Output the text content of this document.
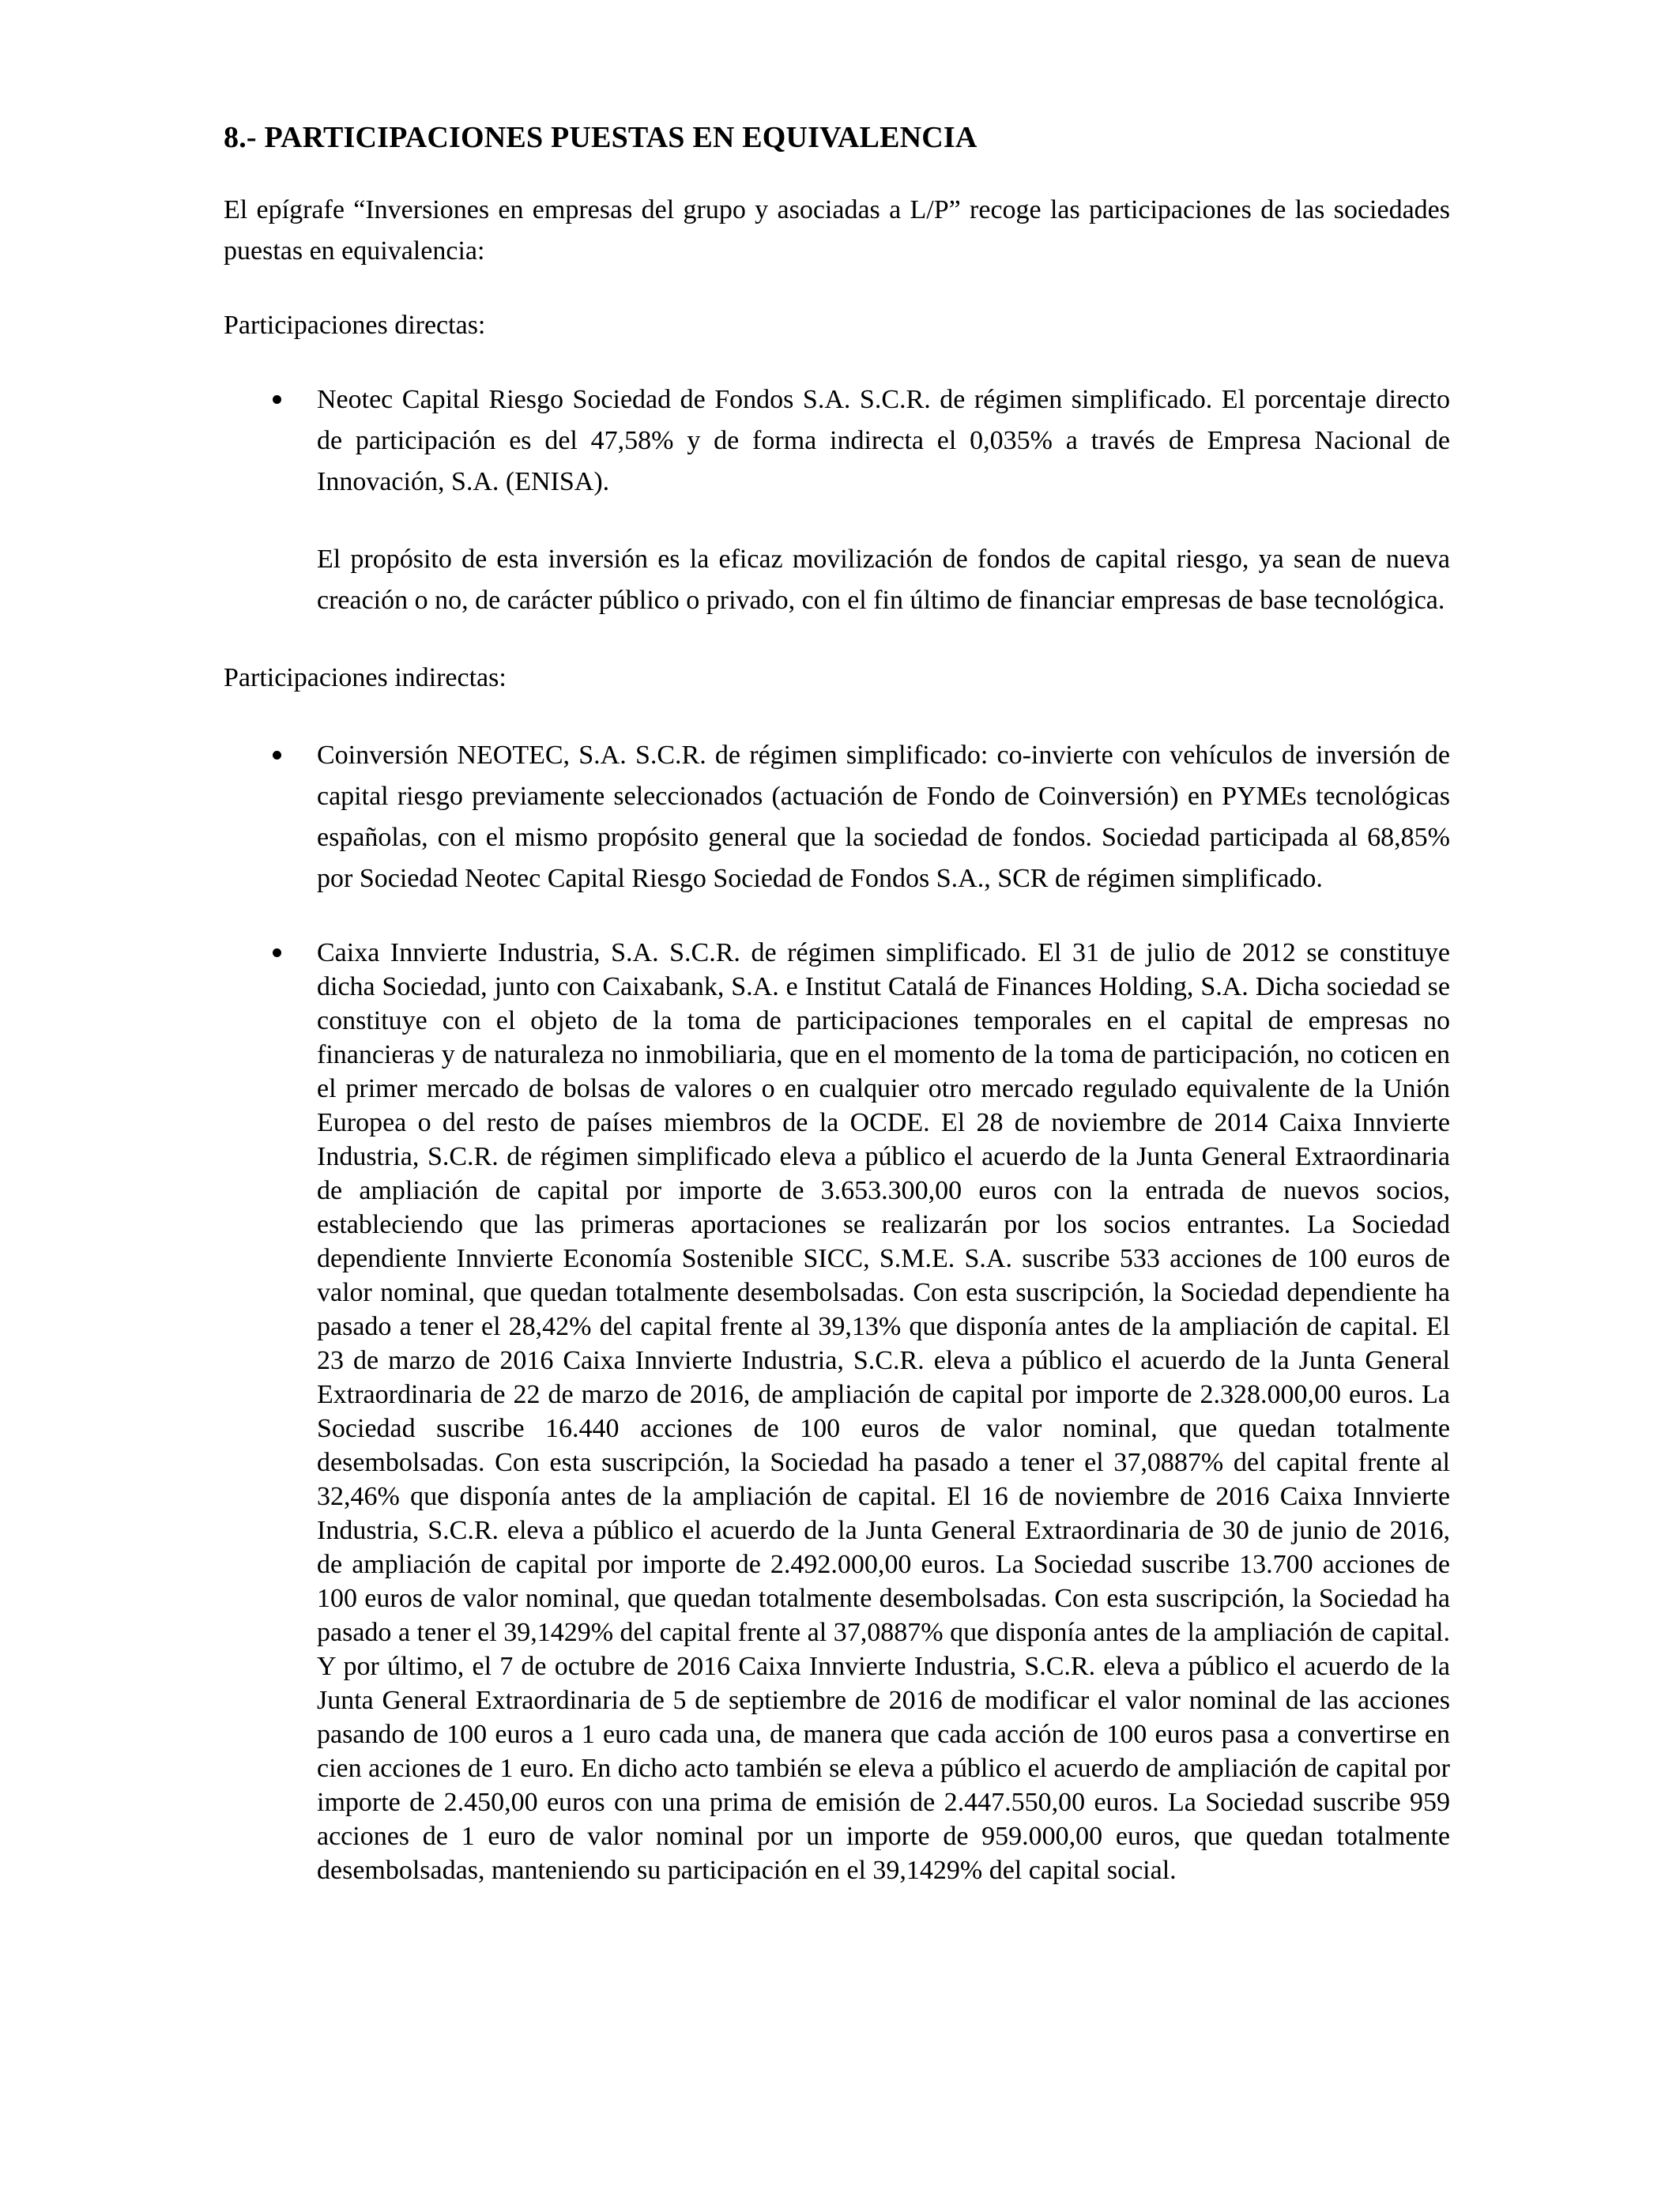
8.- PARTICIPACIONES PUESTAS EN EQUIVALENCIA

El epígrafe “Inversiones en empresas del grupo y asociadas a L/P” recoge las participaciones de las sociedades puestas en equivalencia:

Participaciones directas:

Neotec Capital Riesgo Sociedad de Fondos S.A. S.C.R. de régimen simplificado. El porcentaje directo de participación es del 47,58% y de forma indirecta el 0,035% a través de Empresa Nacional de Innovación, S.A. (ENISA).

El propósito de esta inversión es la eficaz movilización de fondos de capital riesgo, ya sean de nueva creación o no, de carácter público o privado, con el fin último de financiar empresas de base tecnológica.

Participaciones indirectas:

Coinversión NEOTEC, S.A. S.C.R. de régimen simplificado: co-invierte con vehículos de inversión de capital riesgo previamente seleccionados (actuación de Fondo de Coinversión) en PYMEs tecnológicas españolas, con el mismo propósito general que la sociedad de fondos. Sociedad participada al 68,85% por Sociedad Neotec Capital Riesgo Sociedad de Fondos S.A., SCR de régimen simplificado.

Caixa Innvierte Industria, S.A. S.C.R. de régimen simplificado. El 31 de julio de 2012 se constituye dicha Sociedad, junto con Caixabank, S.A. e Institut Catalá de Finances Holding, S.A. Dicha sociedad se constituye con el objeto de la toma de participaciones temporales en el capital de empresas no financieras y de naturaleza no inmobiliaria, que en el momento de la toma de participación, no coticen en el primer mercado de bolsas de valores o en cualquier otro mercado regulado equivalente de la Unión Europea o del resto de países miembros de la OCDE. El 28 de noviembre de 2014 Caixa Innvierte Industria, S.C.R. de régimen simplificado eleva a público el acuerdo de la Junta General Extraordinaria de ampliación de capital por importe de 3.653.300,00 euros con la entrada de nuevos socios, estableciendo que las primeras aportaciones se realizarán por los socios entrantes. La Sociedad dependiente Innvierte Economía Sostenible SICC, S.M.E. S.A. suscribe 533 acciones de 100 euros de valor nominal, que quedan totalmente desembolsadas. Con esta suscripción, la Sociedad dependiente ha pasado a tener el 28,42% del capital frente al 39,13% que disponía antes de la ampliación de capital. El 23 de marzo de 2016 Caixa Innvierte Industria, S.C.R. eleva a público el acuerdo de la Junta General Extraordinaria de 22 de marzo de 2016, de ampliación de capital por importe de 2.328.000,00 euros. La Sociedad suscribe 16.440 acciones de 100 euros de valor nominal, que quedan totalmente desembolsadas. Con esta suscripción, la Sociedad ha pasado a tener el 37,0887% del capital frente al 32,46% que disponía antes de la ampliación de capital. El 16 de noviembre de 2016 Caixa Innvierte Industria, S.C.R. eleva a público el acuerdo de la Junta General Extraordinaria de 30 de junio de 2016, de ampliación de capital por importe de 2.492.000,00 euros. La Sociedad suscribe 13.700 acciones de 100 euros de valor nominal, que quedan totalmente desembolsadas. Con esta suscripción, la Sociedad ha pasado a tener el 39,1429% del capital frente al 37,0887% que disponía antes de la ampliación de capital. Y por último, el 7 de octubre de 2016 Caixa Innvierte Industria, S.C.R. eleva a público el acuerdo de la Junta General Extraordinaria de 5 de septiembre de 2016 de modificar el valor nominal de las acciones pasando de 100 euros a 1 euro cada una, de manera que cada acción de 100 euros pasa a convertirse en cien acciones de 1 euro. En dicho acto también se eleva a público el acuerdo de ampliación de capital por importe de 2.450,00 euros con una prima de emisión de 2.447.550,00 euros. La Sociedad suscribe 959 acciones de 1 euro de valor nominal por un importe de 959.000,00 euros, que quedan totalmente desembolsadas, manteniendo su participación en el 39,1429% del capital social.
